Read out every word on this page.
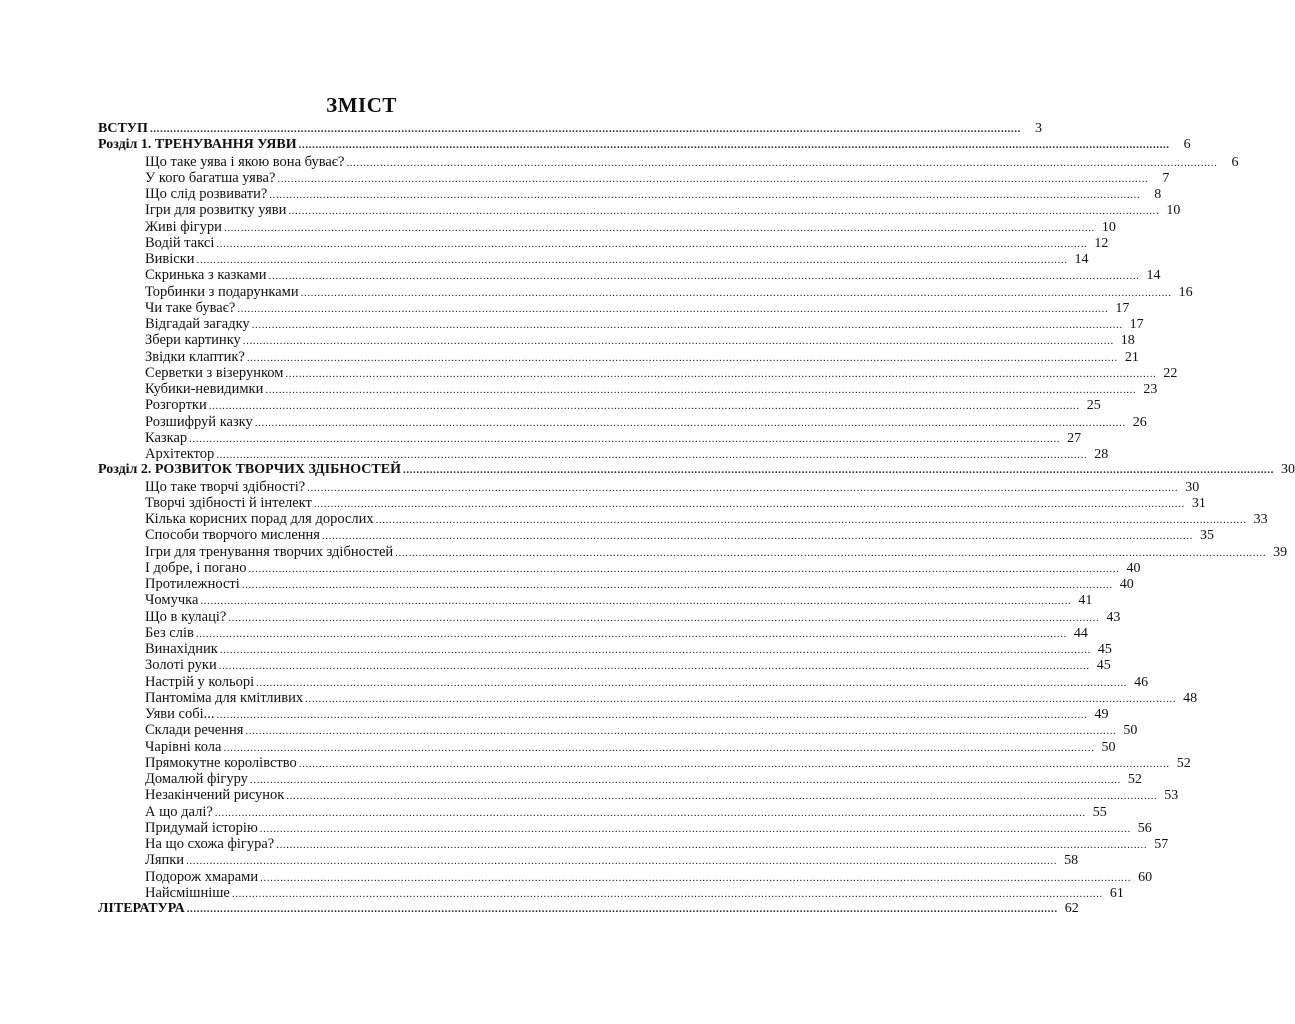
ЗМІСТ
ВСТУП ....................................................................................................................................................................................................................................................................	3
Розділ 1. ТРЕНУВАННЯ УЯВИ ....................................................................................................................................................................................................................................................................	6
Що таке уява і якою вона буває? ....................................................................................................................................................................................................................................................................	6
У кого багатша уява? ....................................................................................................................................................................................................................................................................	7
Що слід розвивати? ....................................................................................................................................................................................................................................................................	8
Ігри для розвитку уяви .................................................................................................................................................................................................................................................................... 10
Живі фігури .................................................................................................................................................................................................................................................................... 10
Водій таксі .................................................................................................................................................................................................................................................................... 12
Вивіски .................................................................................................................................................................................................................................................................... 14
Скринька з казками .................................................................................................................................................................................................................................................................... 14
Торбинки з подарунками .................................................................................................................................................................................................................................................................... 16
Чи таке буває? .................................................................................................................................................................................................................................................................... 17
Відгадай загадку .................................................................................................................................................................................................................................................................... 17
Збери картинку .................................................................................................................................................................................................................................................................... 18
Звідки клаптик? .................................................................................................................................................................................................................................................................... 21
Серветки з візерунком .................................................................................................................................................................................................................................................................... 22
Кубики-невидимки .................................................................................................................................................................................................................................................................... 23
Розгортки .................................................................................................................................................................................................................................................................... 25
Розшифруй казку .................................................................................................................................................................................................................................................................... 26
Казкар .................................................................................................................................................................................................................................................................... 27
Архітектор .................................................................................................................................................................................................................................................................... 28
Розділ 2. РОЗВИТОК ТВОРЧИХ ЗДІБНОСТЕЙ .................................................................................................................................................................................................................................................................... 30
Що таке творчі здібності? .................................................................................................................................................................................................................................................................... 30
Творчі здібності й інтелект .................................................................................................................................................................................................................................................................... 31
Кілька корисних порад для дорослих .................................................................................................................................................................................................................................................................... 33
Способи творчого мислення .................................................................................................................................................................................................................................................................... 35
Ігри для тренування творчих здібностей .................................................................................................................................................................................................................................................................... 39
І добре, і погано .................................................................................................................................................................................................................................................................... 40
Протилежності .................................................................................................................................................................................................................................................................... 40
Чомучка .................................................................................................................................................................................................................................................................... 41
Що в кулаці? .................................................................................................................................................................................................................................................................... 43
Без слів .................................................................................................................................................................................................................................................................... 44
Винахідник .................................................................................................................................................................................................................................................................... 45
Золоті руки .................................................................................................................................................................................................................................................................... 45
Настрій у кольорі .................................................................................................................................................................................................................................................................... 46
Пантоміма для кмітливих .................................................................................................................................................................................................................................................................... 48
Уяви собі... .................................................................................................................................................................................................................................................................... 49
Склади речення .................................................................................................................................................................................................................................................................... 50
Чарівні кола .................................................................................................................................................................................................................................................................... 50
Прямокутне королівство .................................................................................................................................................................................................................................................................... 52
Домалюй фігуру .................................................................................................................................................................................................................................................................... 52
Незакінчений рисунок .................................................................................................................................................................................................................................................................... 53
А що далі? .................................................................................................................................................................................................................................................................... 55
Придумай історію .................................................................................................................................................................................................................................................................... 56
На що схожа фігура? .................................................................................................................................................................................................................................................................... 57
Ляпки .................................................................................................................................................................................................................................................................... 58
Подорож хмарами .................................................................................................................................................................................................................................................................... 60
Найсмішніше .................................................................................................................................................................................................................................................................... 61
ЛІТЕРАТУРА .................................................................................................................................................................................................................................................................... 62
